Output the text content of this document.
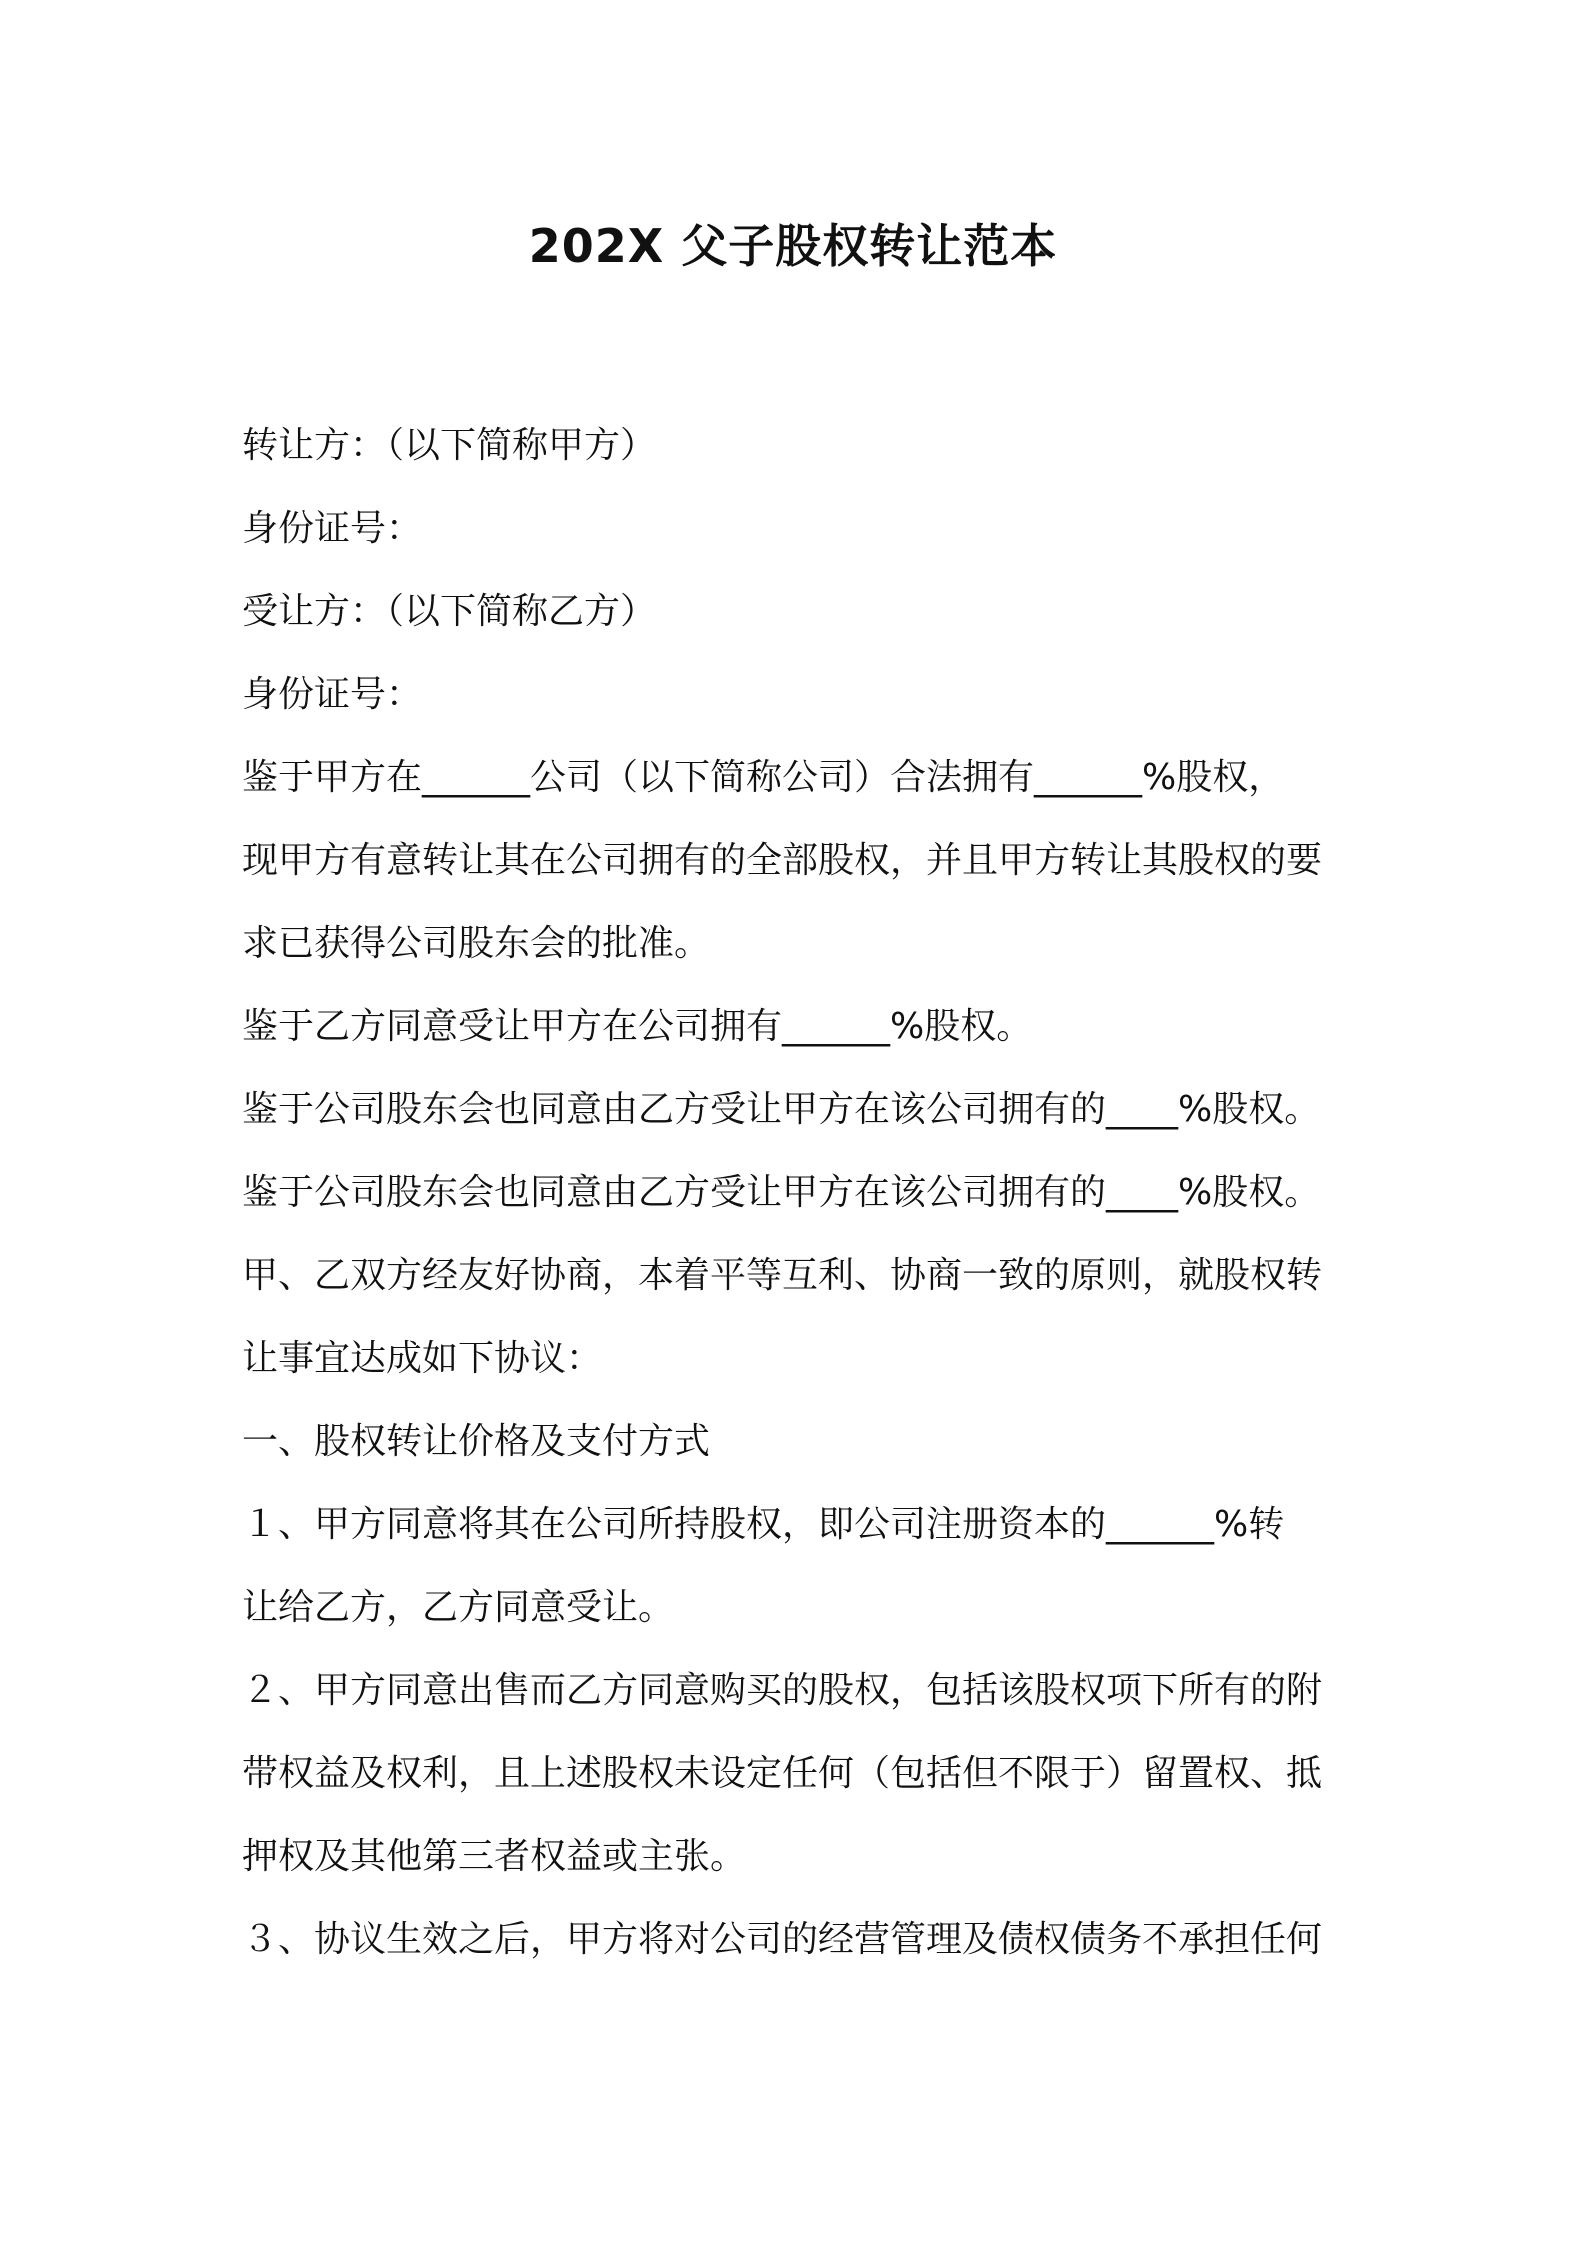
202X 父子股权转让范本
转让方：（以下简称甲方）
身份证号：
受让方：（以下简称乙方）
身份证号：
鉴于甲方在______公司（以下简称公司）合法拥有______%股权，
现甲方有意转让其在公司拥有的全部股权，并且甲方转让其股权的要
求已获得公司股东会的批准。
鉴于乙方同意受让甲方在公司拥有______%股权。
鉴于公司股东会也同意由乙方受让甲方在该公司拥有的____%股权。
鉴于公司股东会也同意由乙方受让甲方在该公司拥有的____%股权。
甲、乙双方经友好协商，本着平等互利、协商一致的原则，就股权转
让事宜达成如下协议：
一、股权转让价格及支付方式
１、甲方同意将其在公司所持股权，即公司注册资本的______%转
让给乙方，乙方同意受让。
２、甲方同意出售而乙方同意购买的股权，包括该股权项下所有的附
带权益及权利，且上述股权未设定任何（包括但不限于）留置权、抵
押权及其他第三者权益或主张。
３、协议生效之后，甲方将对公司的经营管理及债权债务不承担任何
